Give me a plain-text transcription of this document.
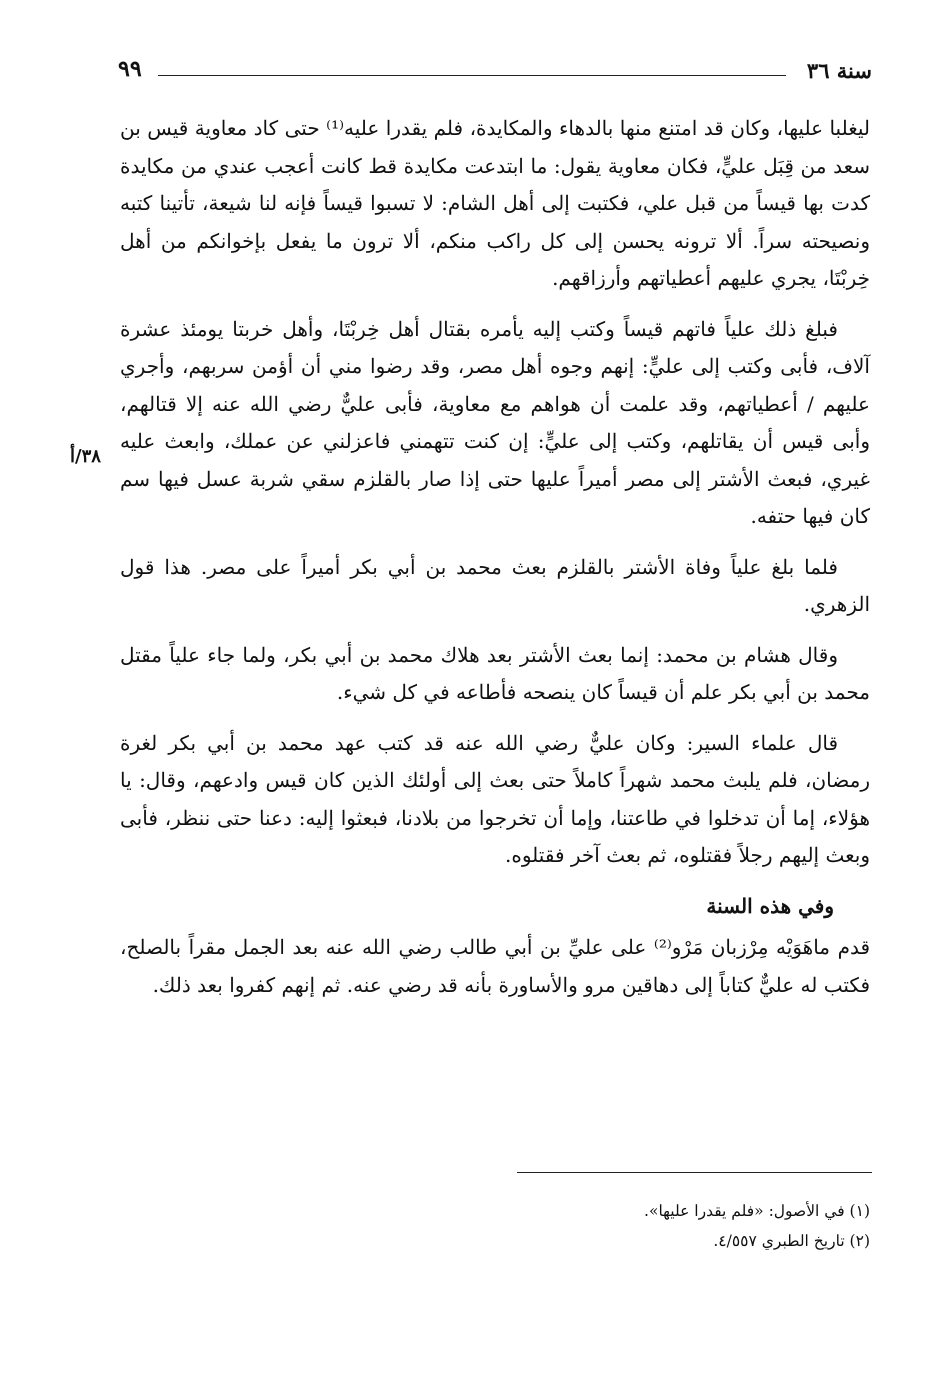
سنة ٣٦
٩٩
٣٨/أ

ليغلبا عليها، وكان قد امتنع منها بالدهاء والمكايدة، فلم يقدرا عليه⁽¹⁾ حتى كاد معاوية قيس بن سعد من قِبَل عليٍّ، فكان معاوية يقول: ما ابتدعت مكايدة قط كانت أعجب عندي من مكايدة كدت بها قيساً من قبل علي، فكتبت إلى أهل الشام: لا تسبوا قيساً فإنه لنا شيعة، تأتينا كتبه ونصيحته سراً. ألا ترونه يحسن إلى كل راكب منكم، ألا ترون ما يفعل بإخوانكم من أهل خِربْتَا، يجري عليهم أعطياتهم وأرزاقهم.

فبلغ ذلك علياً فاتهم قيساً وكتب إليه يأمره بقتال أهل خِربْتَا، وأهل خربتا يومئذ عشرة آلاف، فأبى وكتب إلى عليٍّ: إنهم وجوه أهل مصر، وقد رضوا مني أن أؤمن سربهم، وأجري عليهم / أعطياتهم، وقد علمت أن هواهم مع معاوية، فأبى عليٌّ رضي الله عنه إلا قتالهم، وأبى قيس أن يقاتلهم، وكتب إلى عليٍّ: إن كنت تتهمني فاعزلني عن عملك، وابعث عليه غيري، فبعث الأشتر إلى مصر أميراً عليها حتى إذا صار بالقلزم سقي شربة عسل فيها سم كان فيها حتفه.

فلما بلغ علياً وفاة الأشتر بالقلزم بعث محمد بن أبي بكر أميراً على مصر. هذا قول الزهري.

وقال هشام بن محمد: إنما بعث الأشتر بعد هلاك محمد بن أبي بكر، ولما جاء علياً مقتل محمد بن أبي بكر علم أن قيساً كان ينصحه فأطاعه في كل شيء.

قال علماء السير: وكان عليٌّ رضي الله عنه قد كتب عهد محمد بن أبي بكر لغرة رمضان، فلم يلبث محمد شهراً كاملاً حتى بعث إلى أولئك الذين كان قيس وادعهم، وقال: يا هؤلاء، إما أن تدخلوا في طاعتنا، وإما أن تخرجوا من بلادنا، فبعثوا إليه: دعنا حتى ننظر، فأبى وبعث إليهم رجلاً فقتلوه، ثم بعث آخر فقتلوه.

وفي هذه السنة

قدم ماهَوَيْه مِرْزبان مَرْو⁽²⁾ على عليِّ بن أبي طالب رضي الله عنه بعد الجمل مقراً بالصلح، فكتب له عليٌّ كتاباً إلى دهاقين مرو والأساورة بأنه قد رضي عنه. ثم إنهم كفروا بعد ذلك.

(١) في الأصول: «فلم يقدرا عليها».

(٢) تاريخ الطبري ٤/٥٥٧.
